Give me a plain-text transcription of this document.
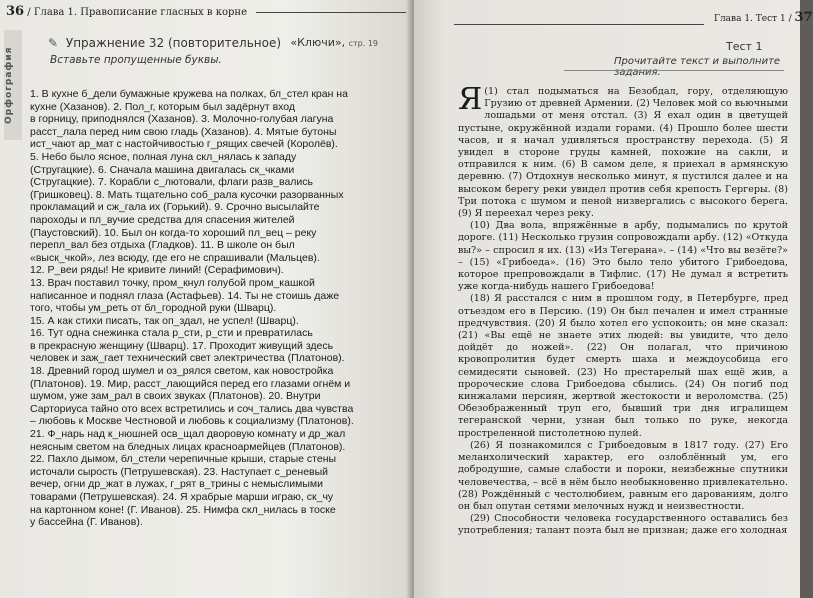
36 / Глава 1. Правописание гласных в корне
Орфография
✎ Упражнение 32 (повторительное) «Ключи», стр. 19
Вставьте пропущенные буквы.

1. В кухне б_дели бумажные кружева на полках, бл_стел кран на

кухне (Хазанов). 2. Пол_г, которым был задёрнут вход

в горницу, приподнялся (Хазанов). 3. Молочно-голубая лагуна

расст_лала перед ним свою гладь (Хазанов). 4. Мятые бутоны

ист_чают ар_мат с настойчивостью г_рящих свечей (Королёв).

5. Небо было ясное, полная луна скл_нялась к западу

(Стругацкие). 6. Сначала машина двигалась ск_чками

(Стругацкие). 7. Корабли с_лютовали, флаги разв_вались

(Гришковец). 8. Мать тщательно соб_рала кусочки разорванных

прокламаций и сж_гала их (Горький). 9. Срочно высылайте

пароходы и пл_вучие средства для спасения жителей

(Паустовский). 10. Был он когда-то хороший пл_вец – реку

перепл_вал без отдыха (Гладков). 11. В школе он был

«выск_чкой», лез всюду, где его не спрашивали (Мальцев).

12. Р_веи ряды! Не кривите линий! (Серафимович).

13. Врач поставил точку, пром_кнул голубой пром_кашкой

написанное и поднял глаза (Астафьев). 14. Ты не стоишь даже

того, чтобы ум_реть от бл_городной руки (Шварц).

15. А как стихи писать, так оп_здал, не успел! (Шварц).

16. Тут одна снежинка стала р_сти, р_сти и превратилась

в прекрасную женщину (Шварц). 17. Проходит живущий здесь

человек и заж_гает технический свет электричества (Платонов).

18. Древний город шумел и оз_рялся светом, как новостройка

(Платонов). 19. Мир, расст_лающийся перед его глазами огнём и

шумом, уже зам_рал в своих звуках (Платонов). 20. Внутри

Сарториуса тайно ото всех встретились и соч_тались два чувства

– любовь к Москве Честновой и любовь к социализму (Платонов).

21. Ф_нарь над к_нюшней осв_щал дворовую комнату и др_жал

неясным светом на бледных лицах красноармейцев (Платонов).

22. Пахло дымом, бл_стели черепичные крыши, старые стены

источали сырость (Петрушевская). 23. Наступает с_реневый

вечер, огни др_жат в лужах, г_рят в_трины с немыслимыми

товарами (Петрушевская). 24. Я храбрые марши играю, ск_чу

на картонном коне! (Г. Иванов). 25. Нимфа скл_нилась в тоске

у бассейна (Г. Иванов).

Глава 1. Тест 1 / 37
Тест 1
Прочитайте текст и выполните задания.

(1)
Я	стал подыматься на Безобдал, гору, отделяющую Грузию от древней Армении. (2) Человек мой со вьючными лошадьми от меня отстал. (3) Я ехал один в цветущей пустыне, окружённой издали горами. (4) Прошло более шести часов, и я начал удивляться пространству перехода. (5) Я увидел в стороне груды камней, похожие на сакли, и отправился к ним. (6) В самом деле, я приехал в армянскую деревню. (7) Отдохнув несколько минут, я пустился далее и на высоком берегу реки увидел против себя крепость Гергеры. (8) Три потока с шумом и пеной низвергались с высокого берега. (9) Я переехал через реку.

(10) Два вола, впряжённые в арбу, подымались по крутой дороге. (11) Несколько грузин сопровождали арбу. (12) «Откуда вы?» – спросил я их. (13) «Из Тегерана». – (14) «Что вы везёте?» – (15) «Грибоеда». (16) Это было тело убитого Грибоедова, которое препровождали в Тифлис. (17) Не думал я встретить уже когда-нибудь нашего Грибоедова!

(18) Я расстался с ним в прошлом году, в Петербурге, пред отъездом его в Персию. (19) Он был печален и имел странные предчувствия. (20) Я было хотел его успокоить; он мне сказал: (21) «Вы ещё не знаете этих людей: вы увидите, что дело дойдёт до ножей». (22) Он полагал, что причиною кровопролития будет смерть шаха и междоусобица его семидесяти сыновей. (23) Но престарелый шах ещё жив, а пророческие слова Грибоедова сбылись. (24) Он погиб под кинжалами персиян, жертвой жестокости и вероломства. (25) Обезображенный труп его, бывший три дня игралищем тегеранской черни, узнан был только по руке, некогда простреленной пистолетною пулей.

(26) Я познакомился с Грибоедовым в 1817 году. (27) Его меланхолический характер, его озлоблённый ум, его добродушие, самые слабости и пороки, неизбежные спутники человечества, – всё в нём было необыкновенно привлекательно. (28) Рождённый с честолюбием, равным его дарованиям, долго он был опутан сетями мелочных нужд и неизвестности.

(29) Способности человека государственного оставались без употребления; талант поэта был не признан; даже его холодная
